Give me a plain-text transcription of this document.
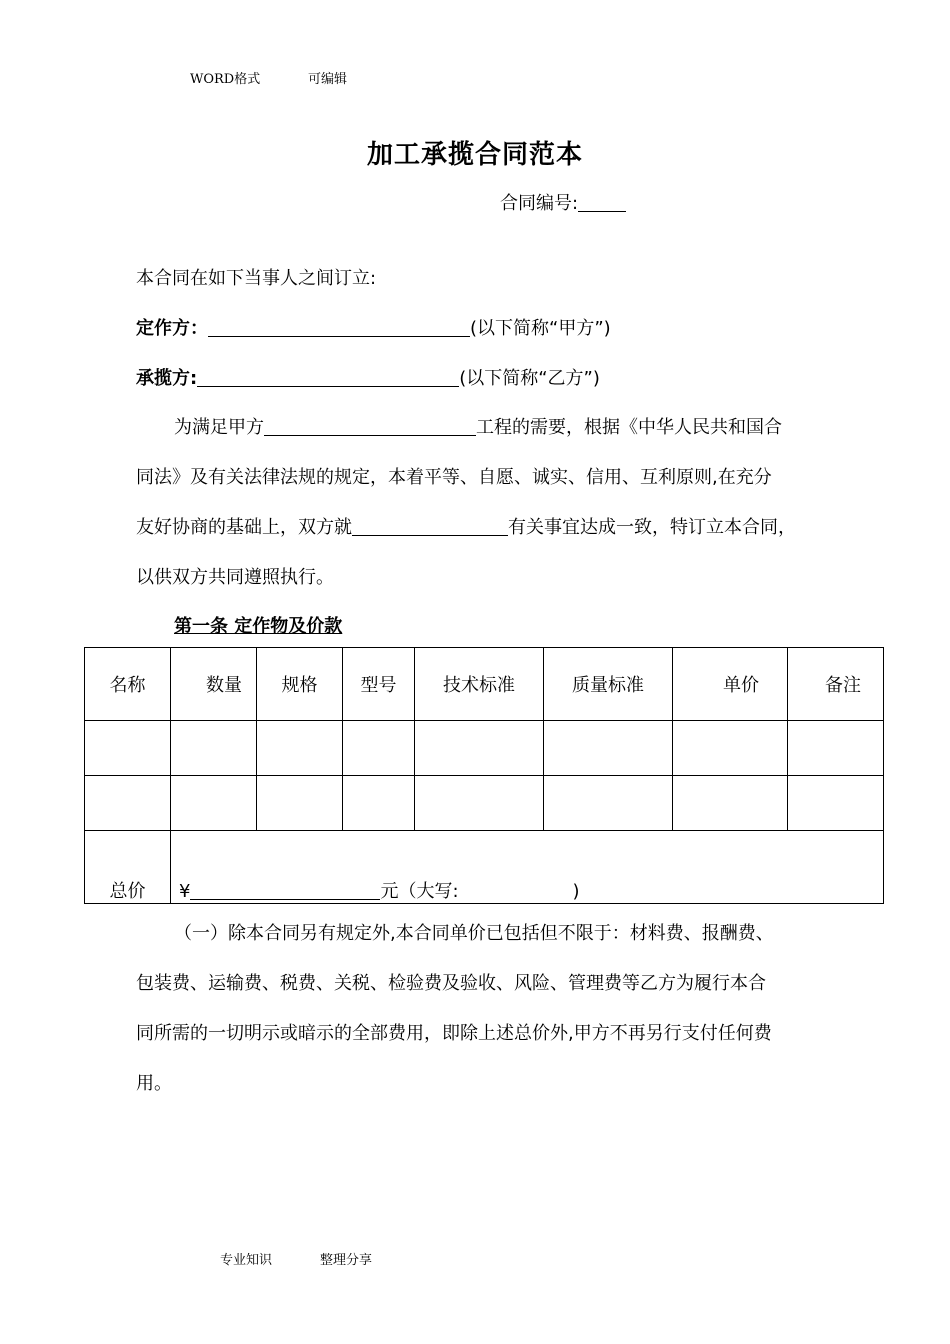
WORD格式	可编辑
加工承揽合同范本
合同编号:
本合同在如下当事人之间订立:
定作方：	(以下简称“甲方”)
承揽方:	(以下简称“乙方”)
为满足甲方	工程的需要，根据《中华人民共和国合
同法》及有关法律法规的规定，本着平等、自愿、诚实、信用、互利原则,在充分
友好协商的基础上，双方就	有关事宜达成一致，特订立本合同，
以供双方共同遵照执行。
第一条 定作物及价款
名称	数量	规格	型号	技术标准	质量标准	单价	备注

总价	¥ 元（大写: )						
（一）除本合同另有规定外,本合同单价已包括但不限于：材料费、报酬费、
包装费、运输费、税费、关税、检验费及验收、风险、管理费等乙方为履行本合
同所需的一切明示或暗示的全部费用，即除上述总价外,甲方不再另行支付任何费
用。
专业知识	整理分享
